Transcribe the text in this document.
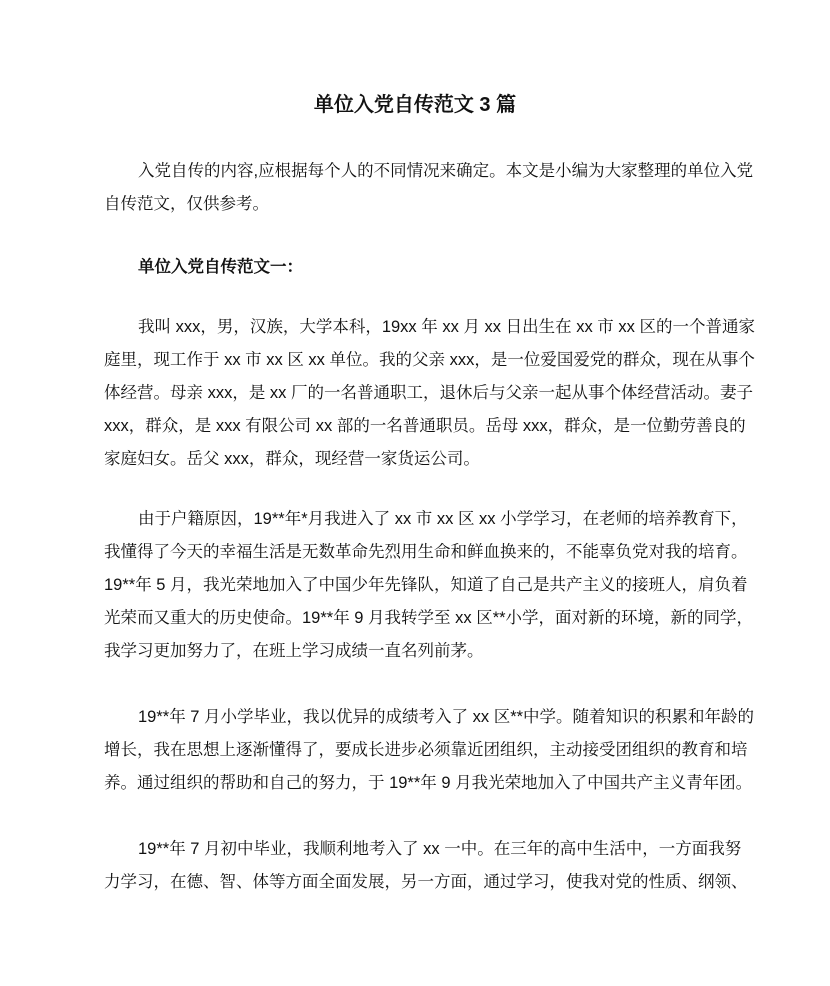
单位入党自传范文 3 篇
入党自传的内容,应根据每个人的不同情况来确定。本文是小编为大家整理的单位入党
自传范文，仅供参考。
单位入党自传范文一：
我叫 xxx，男，汉族，大学本科，19xx 年 xx 月 xx 日出生在 xx 市 xx 区的一个普通家
庭里，现工作于 xx 市 xx 区 xx 单位。我的父亲 xxx，是一位爱国爱党的群众，现在从事个
体经营。母亲 xxx，是 xx 厂的一名普通职工，退休后与父亲一起从事个体经营活动。妻子
xxx，群众，是 xxx 有限公司 xx 部的一名普通职员。岳母 xxx，群众，是一位勤劳善良的
家庭妇女。岳父 xxx，群众，现经营一家货运公司。
由于户籍原因，19**年*月我进入了 xx 市 xx 区 xx 小学学习，在老师的培养教育下，
我懂得了今天的幸福生活是无数革命先烈用生命和鲜血换来的，不能辜负党对我的培育。
19**年 5 月，我光荣地加入了中国少年先锋队，知道了自己是共产主义的接班人，肩负着
光荣而又重大的历史使命。19**年 9 月我转学至 xx 区**小学，面对新的环境，新的同学，
我学习更加努力了，在班上学习成绩一直名列前茅。
19**年 7 月小学毕业，我以优异的成绩考入了 xx 区**中学。随着知识的积累和年龄的
增长，我在思想上逐渐懂得了，要成长进步必须靠近团组织，主动接受团组织的教育和培
养。通过组织的帮助和自己的努力，于 19**年 9 月我光荣地加入了中国共产主义青年团。
19**年 7 月初中毕业，我顺利地考入了 xx 一中。在三年的高中生活中，一方面我努
力学习，在德、智、体等方面全面发展，另一方面，通过学习，使我对党的性质、纲领、
